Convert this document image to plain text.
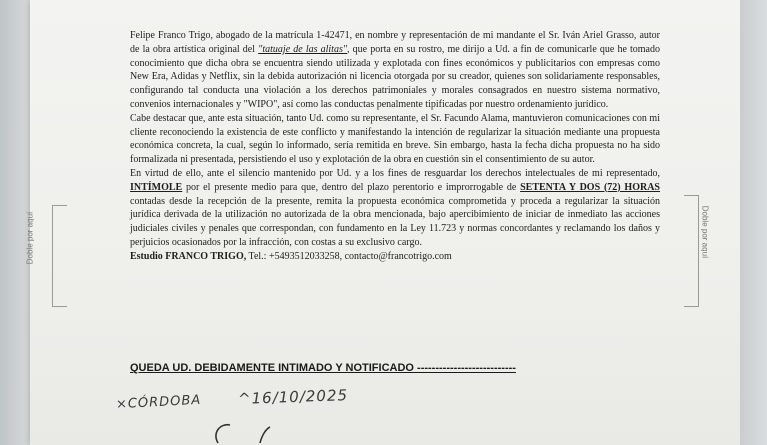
Doble por aquí	Doble por aquí

Felipe Franco Trigo, abogado de la matrícula 1-42471, en nombre y representación de mi mandante el Sr. Iván Ariel Grasso, autor de la obra artística original del "tatuaje de las alitas", que porta en su rostro, me dirijo a Ud. a fin de comunicarle que he tomado conocimiento que dicha obra se encuentra siendo utilizada y explotada con fines económicos y publicitarios con empresas como New Era, Adidas y Netflix, sin la debida autorización ni licencia otorgada por su creador, quienes son solidariamente responsables, configurando tal conducta una violación a los derechos patrimoniales y morales consagrados en nuestro sistema normativo, convenios internacionales y "WIPO", así como las conductas penalmente tipificadas por nuestro ordenamiento jurídico.

Cabe destacar que, ante esta situación, tanto Ud. como su representante, el Sr. Facundo Alama, mantuvieron comunicaciones con mi cliente reconociendo la existencia de este conflicto y manifestando la intención de regularizar la situación mediante una propuesta económica concreta, la cual, según lo informado, sería remitida en breve. Sin embargo, hasta la fecha dicha propuesta no ha sido formalizada ni presentada, persistiendo el uso y explotación de la obra en cuestión sin el consentimiento de su autor.

En virtud de ello, ante el silencio mantenido por Ud. y a los fines de resguardar los derechos intelectuales de mi representado, INTÍMOLE por el presente medio para que, dentro del plazo perentorio e improrrogable de SETENTA Y DOS (72) HORAS contadas desde la recepción de la presente, remita la propuesta económica comprometida y proceda a regularizar la situación jurídica derivada de la utilización no autorizada de la obra mencionada, bajo apercibimiento de iniciar de inmediato las acciones judiciales civiles y penales que correspondan, con fundamento en la Ley 11.723 y normas concordantes y reclamando los daños y perjuicios ocasionados por la infracción, con costas a su exclusivo cargo.

Estudio FRANCO TRIGO, Tel.: +5493512033258, contacto@francotrigo.com

QUEDA UD. DEBIDAMENTE INTIMADO Y NOTIFICADO ---------------------------
×CÓRDOBA ^16/10/2025
